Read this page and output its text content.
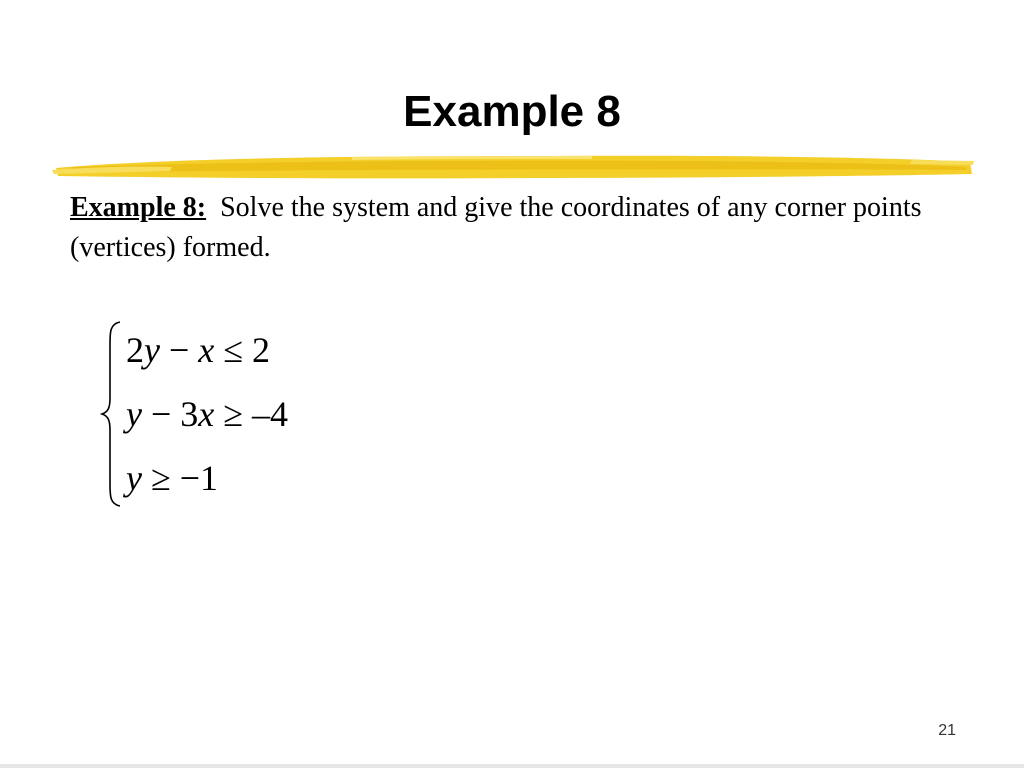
Example 8
Example 8: Solve the system and give the coordinates of any corner points (vertices) formed.
2y − x ≤ 2
y − 3x ≥ –4
y ≥ −1
21
